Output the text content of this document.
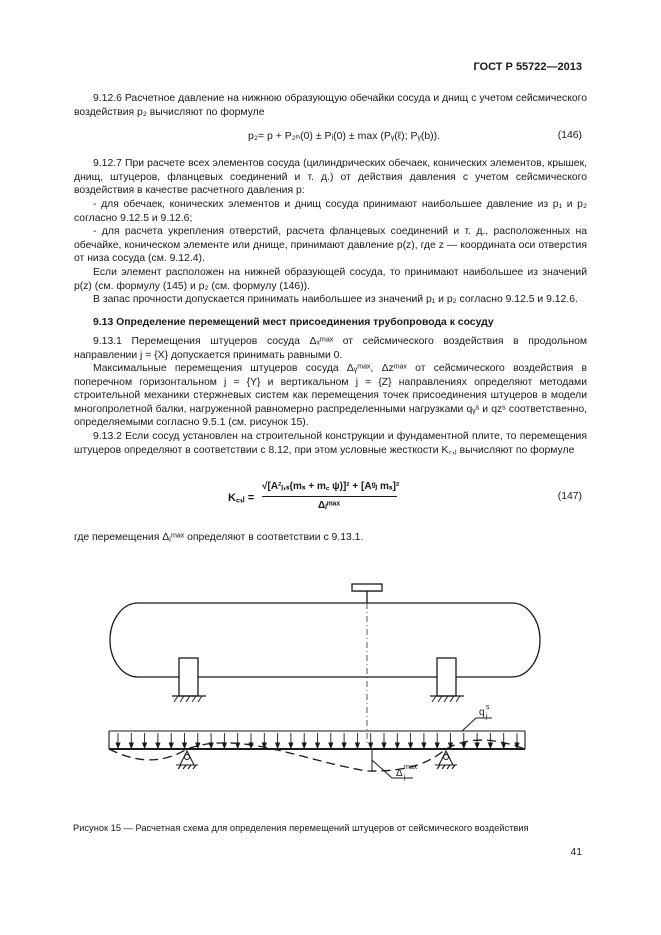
ГОСТ Р 55722—2013

9.12.6 Расчетное давление на нижнюю образующую обечайки сосуда и днищ с учетом сейсмического воздействия p₂ вычисляют по формуле

p₂= p + P₂ₕ(0) ± Pᵢ(0) ± max (Pᵧ(ℓ); Pᵧ(b)).	(146)

9.12.7 При расчете всех элементов сосуда (цилиндрических обечаек, конических элементов, крышек, днищ, штуцеров, фланцевых соединений и т. д.) от действия давления с учетом сейсмического воздействия в качестве расчетного давления p:

- для обечаек, конических элементов и днищ сосуда принимают наибольшее давление из p₁ и p₂ согласно 9.12.5 и 9.12.6;

- для расчета укрепления отверстий, расчета фланцевых соединений и т. д., расположенных на обечайке, коническом элементе или днище, принимают давление p(z), где z — координата оси отверстия от низа сосуда (см. 9.12.4).

Если элемент расположен на нижней образующей сосуда, то принимают наибольшее из значений p(z) (см. формулу (145) и p₂ (см. формулу (146)).

В запас прочности допускается принимать наибольшее из значений p₁ и p₂ согласно 9.12.5 и 9.12.6.

9.13 Определение перемещений мест присоединения трубопровода к сосуду

9.13.1 Перемещения штуцеров сосуда Δₓᵐᵃˣ от сейсмического воздействия в продольном направлении j = {X} допускается принимать равными 0.

Максимальные перемещения штуцеров сосуда Δᵧᵐᵃˣ, Δzᵐᵃˣ от сейсмического воздействия в поперечном горизонтальном j = {Y} и вертикальном j = {Z} направлениях определяют методами строительной механики стержневых систем как перемещения точек присоединения штуцеров в модели многопролетной балки, нагруженной равномерно распределенными нагрузками qᵧˢ и qzˢ соответственно, определяемыми согласно 9.5.1 (см. рисунок 15).

9.13.2 Если сосуд установлен на строительной конструкции и фундаментной плите, то перемещения штуцеров определяют в соответствии с 8.12, при этом условные жесткости K꜀,ⱼ вычисляют по формуле

K꜀,ⱼ =
√[A²ⱼ,ₛ(mₛ + m꜀ ψ)]² + [Aᵍⱼ mₛ]²
Δⱼᵐᵃˣ
(147)

где перемещения Δⱼᵐᵃˣ определяют в соответствии с 9.13.1.

q s
j
Δ
max
j
Рисунок 15 — Расчетная схема для определения перемещений штуцеров от сейсмического воздействия
41
